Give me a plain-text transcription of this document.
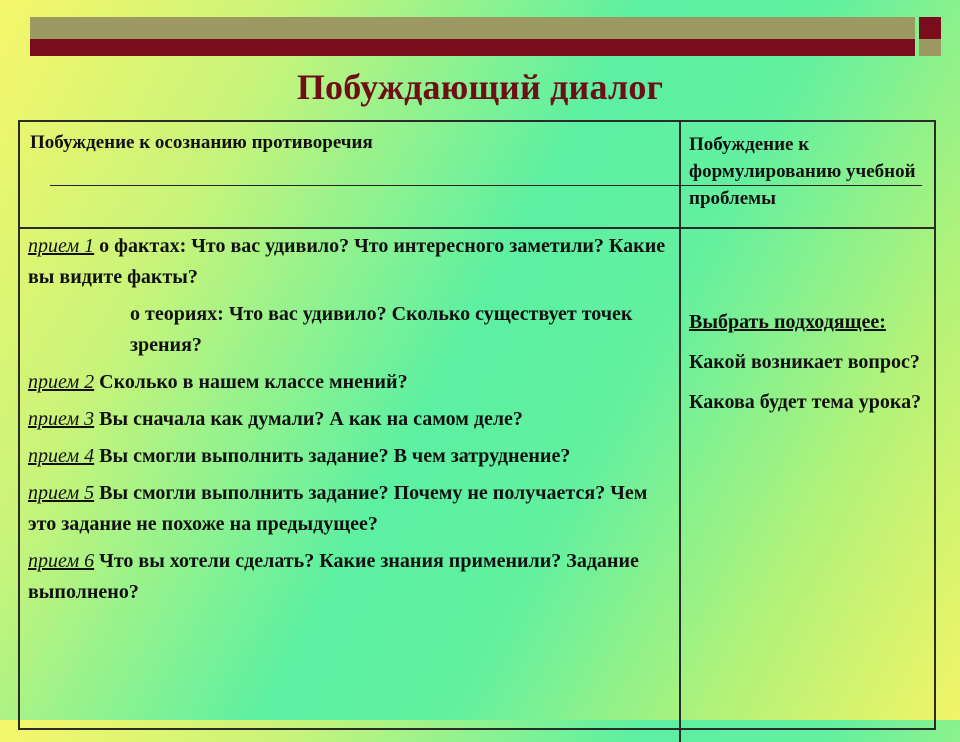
Побуждающий диалог
Побуждение к осознанию противоречия	Побуждение к формулированию учебной проблемы
прием 1 о фактах: Что вас удивило? Что интересного заметили? Какие вы видите факты?
о теориях: Что вас удивило? Сколько существует точек зрения?
прием 2 Сколько в нашем классе мнений?
прием 3 Вы сначала как думали? А как на самом деле?
прием 4 Вы смогли выполнить задание? В чем затруднение?
прием 5 Вы смогли выполнить задание? Почему не получается? Чем это задание не похоже на предыдущее?
прием 6 Что вы хотели сделать? Какие знания применили? Задание выполнено?
Выбрать подходящее:
Какой возникает вопрос?
Какова будет тема урока?
